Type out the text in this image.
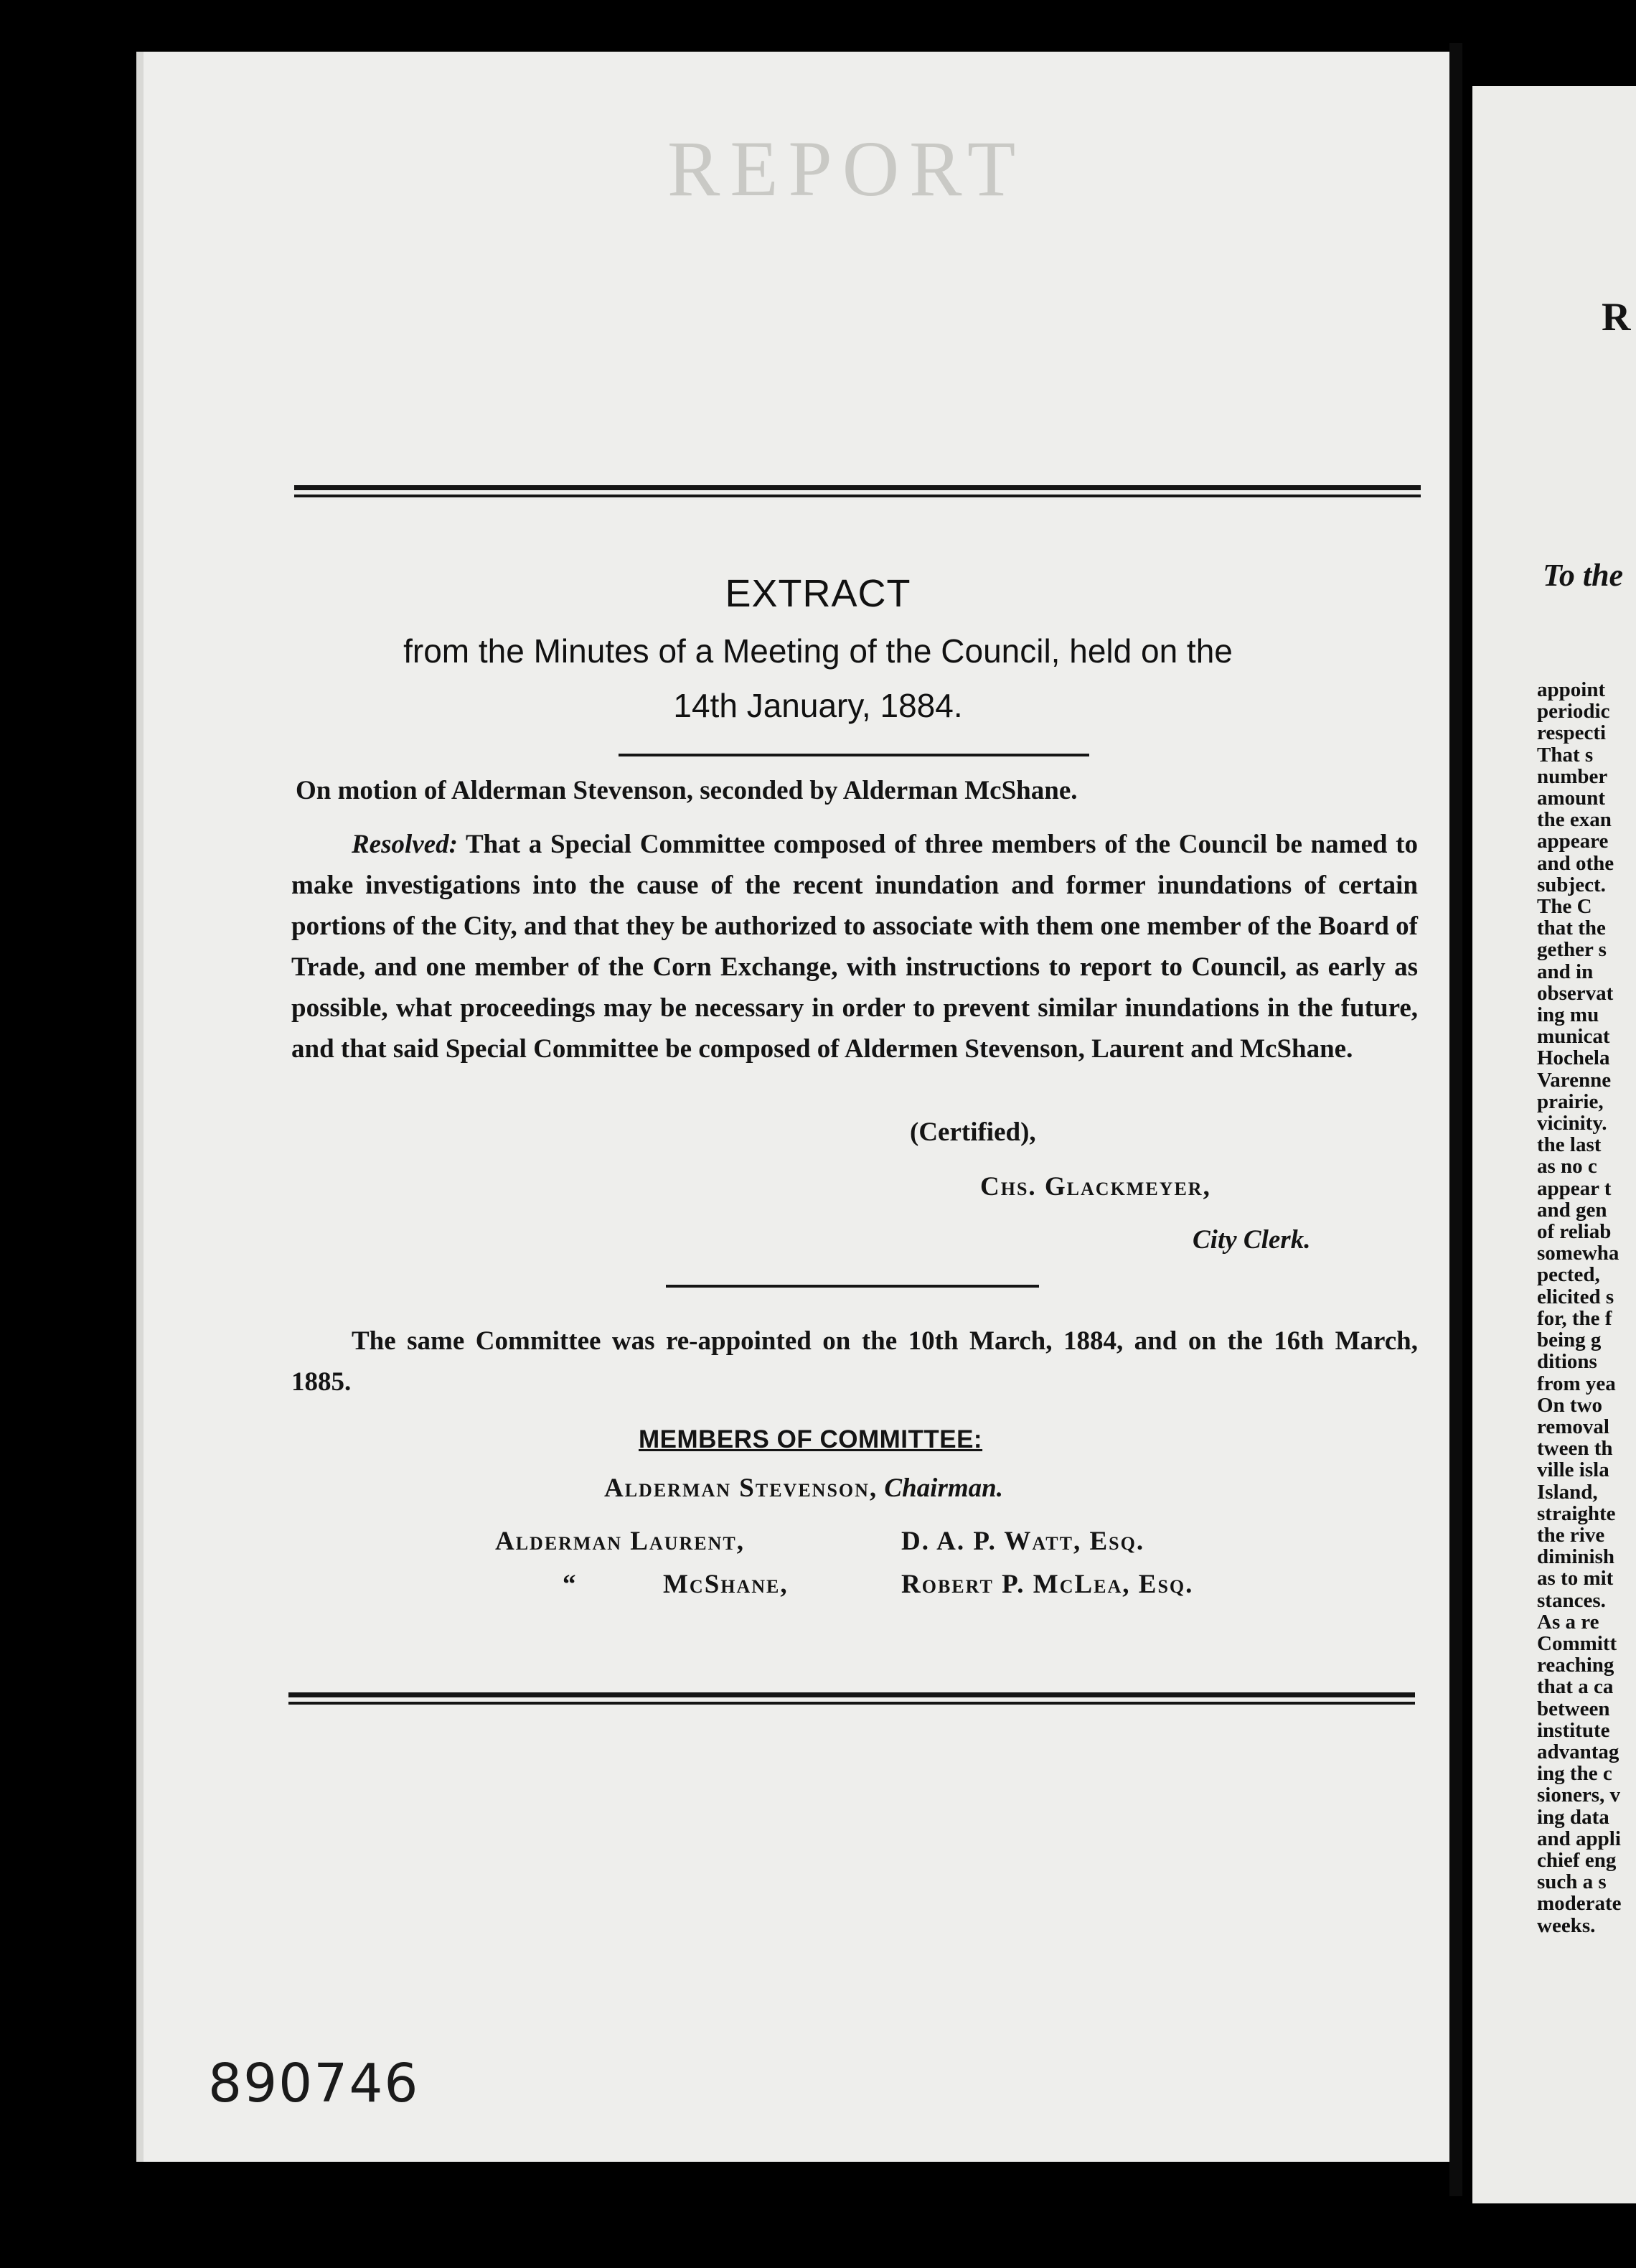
REPORT
EXTRACT
from the Minutes of a Meeting of the Council, held on the
14th January, 1884.
On motion of Alderman Stevenson, seconded by Alderman McShane.
Resolved: That a Special Committee composed of three members of the Council be named to make investigations into the cause of the recent inundation and former inundations of certain portions of the City, and that they be authorized to associate with them one member of the Board of Trade, and one member of the Corn Exchange, with instructions to report to Council, as early as possible, what proceedings may be necessary in order to prevent similar inundations in the future, and that said Special Committee be composed of Aldermen Stevenson, Laurent and McShane.
(Certified),
Chs. Glackmeyer,
City Clerk.
The same Committee was re-appointed on the 10th March, 1884, and on the 16th March, 1885.
MEMBERS OF COMMITTEE:
Alderman Stevenson, Chairman.
Alderman Laurent,	D. A. P. Watt, Esq.
“	McShane,	Robert P. McLea, Esq.
890746
R
To the
appoint
periodic
respecti
That s
number
amount
the exan
appeare
and othe
subject.
The C
that the
gether s
and in
observat
ing mu
municat
Hochela
Varenne
prairie,
vicinity.
the last
as no c
appear t
and gen
of reliab
somewha
pected,
elicited s
for, the f
being g
ditions
from yea
On two
removal
tween th
ville isla
Island,
straighte
the rive
diminish
as to mit
stances.
As a re
Committ
reaching
that a ca
between
institute
advantag
ing the c
sioners, v
ing data
and appli
chief eng
such a s
moderate
weeks.
